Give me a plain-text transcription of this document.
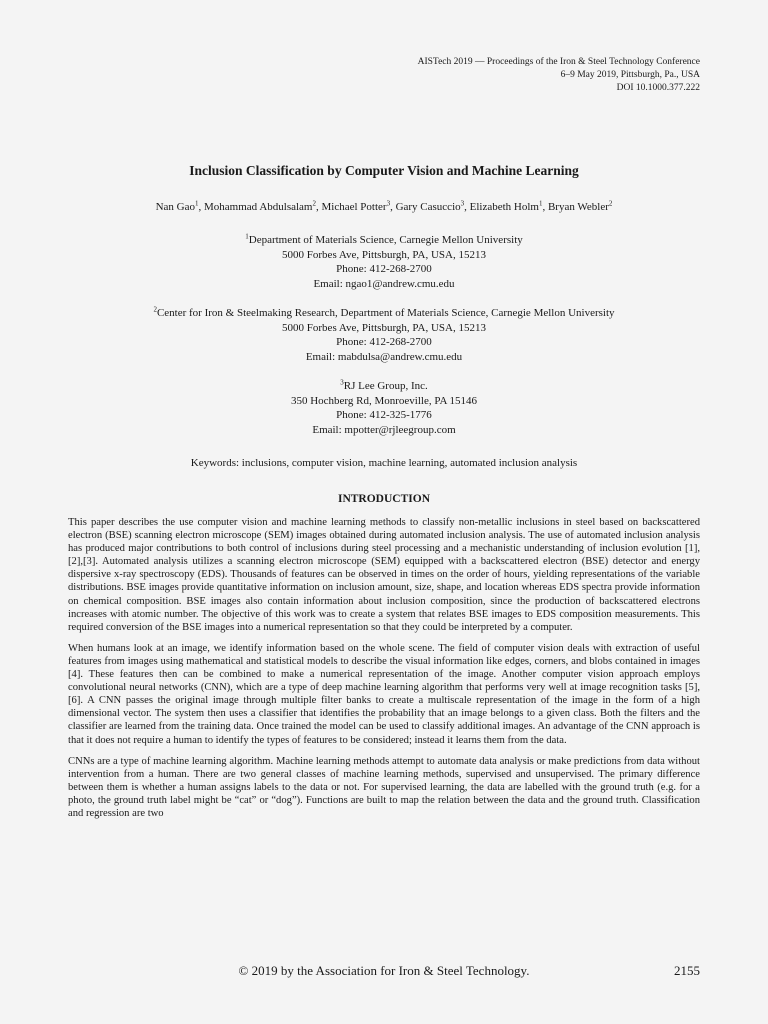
AISTech 2019 — Proceedings of the Iron & Steel Technology Conference
6–9 May 2019, Pittsburgh, Pa., USA
DOI 10.1000.377.222
Inclusion Classification by Computer Vision and Machine Learning
Nan Gao$^1$, Mohammad Abdulsalam$^2$, Michael Potter$^3$, Gary Casuccio$^3$, Elizabeth Holm$^1$, Bryan Webler$^2$
$^1$Department of Materials Science, Carnegie Mellon University
5000 Forbes Ave, Pittsburgh, PA, USA, 15213
Phone: 412-268-2700
Email: ngao1@andrew.cmu.edu
$^2$Center for Iron & Steelmaking Research, Department of Materials Science, Carnegie Mellon University
5000 Forbes Ave, Pittsburgh, PA, USA, 15213
Phone: 412-268-2700
Email: mabdulsa@andrew.cmu.edu
$^3$RJ Lee Group, Inc.
350 Hochberg Rd, Monroeville, PA 15146
Phone: 412-325-1776
Email: mpotter@rjleegroup.com
Keywords: inclusions, computer vision, machine learning, automated inclusion analysis
INTRODUCTION

This paper describes the use computer vision and machine learning methods to classify non-metallic inclusions in steel based on backscattered electron (BSE) scanning electron microscope (SEM) images obtained during automated inclusion analysis. The use of automated inclusion analysis has produced major contributions to both control of inclusions during steel processing and a mechanistic understanding of inclusion evolution [1],[2],[3]. Automated analysis utilizes a scanning electron microscope (SEM) equipped with a backscattered electron (BSE) detector and energy dispersive x-ray spectroscopy (EDS). Thousands of features can be observed in times on the order of hours, yielding representations of the variable distributions. BSE images provide quantitative information on inclusion amount, size, shape, and location whereas EDS spectra provide information on chemical composition. BSE images also contain information about inclusion composition, since the production of backscattered electrons increases with atomic number. The objective of this work was to create a system that relates BSE images to EDS composition measurements. This required conversion of the BSE images into a numerical representation so that they could be interpreted by a computer.

When humans look at an image, we identify information based on the whole scene. The field of computer vision deals with extraction of useful features from images using mathematical and statistical models to describe the visual information like edges, corners, and blobs contained in images [4]. These features then can be combined to make a numerical representation of the image. Another computer vision approach employs convolutional neural networks (CNN), which are a type of deep machine learning algorithm that performs very well at image recognition tasks [5],[6]. A CNN passes the original image through multiple filter banks to create a multiscale representation of the image in the form of a high dimensional vector. The system then uses a classifier that identifies the probability that an image belongs to a given class. Both the filters and the classifier are learned from the training data. Once trained the model can be used to classify additional images. An advantage of the CNN approach is that it does not require a human to identify the types of features to be considered; instead it learns them from the data.

CNNs are a type of machine learning algorithm. Machine learning methods attempt to automate data analysis or make predictions from data without intervention from a human. There are two general classes of machine learning methods, supervised and unsupervised. The primary difference between them is whether a human assigns labels to the data or not. For supervised learning, the data are labelled with the ground truth (e.g. for a photo, the ground truth label might be “cat” or “dog”). Functions are built to map the relation between the data and the ground truth. Classification and regression are two

© 2019 by the Association for Iron & Steel Technology.	2155
